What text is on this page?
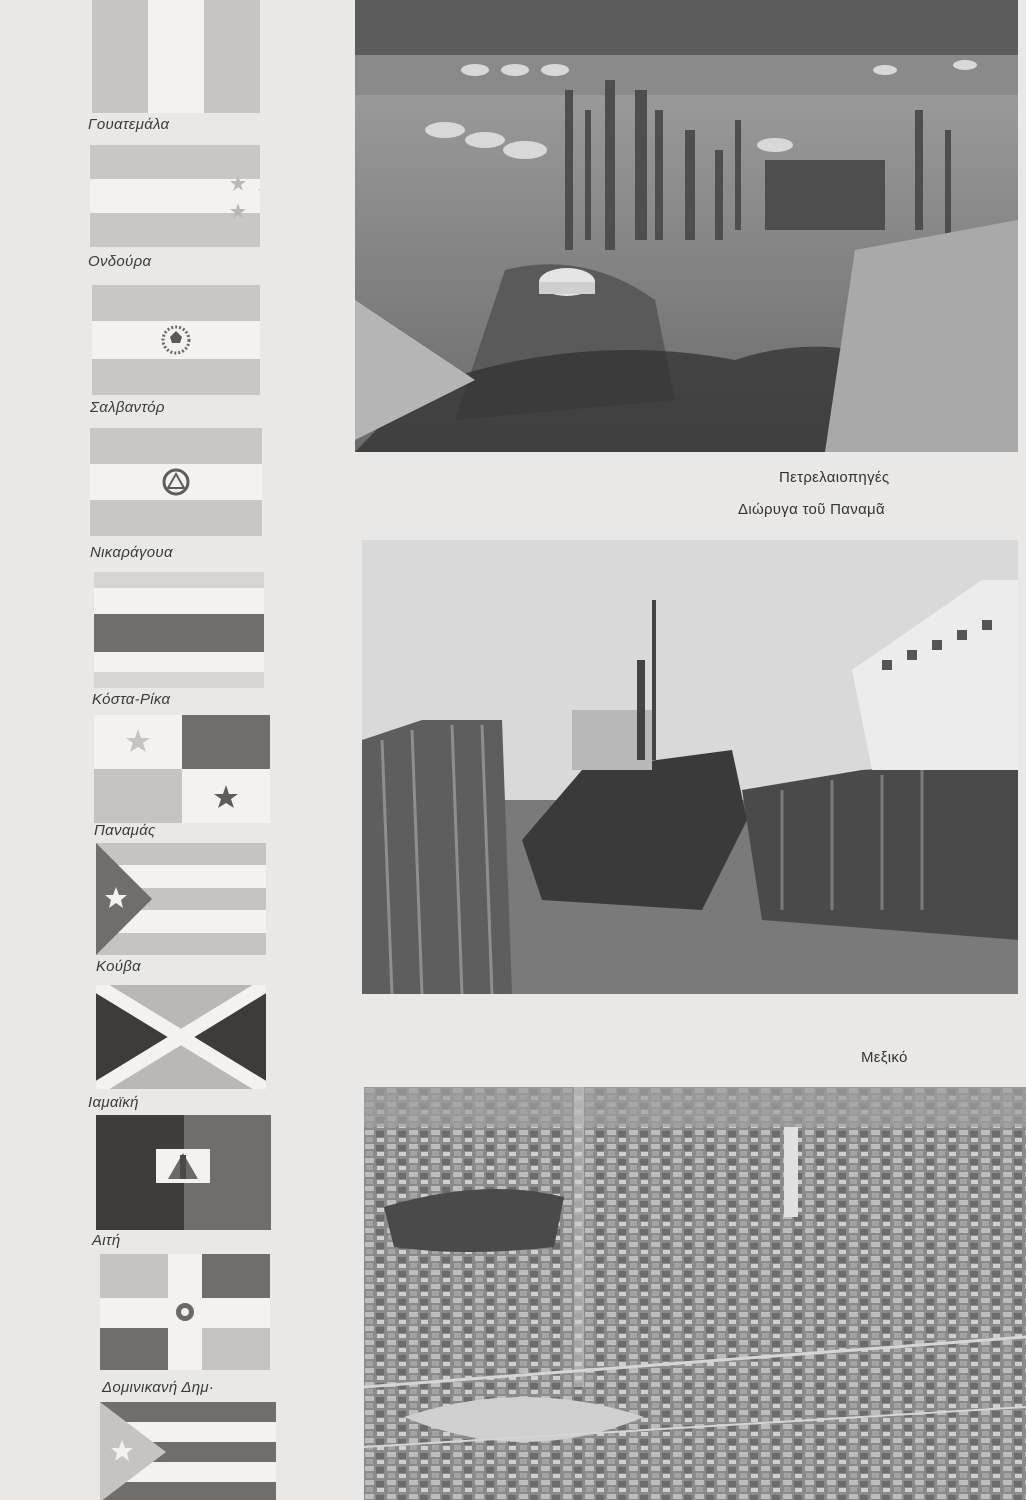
Γουατεμάλα
Ονδούρα
Σαλβαντόρ
Νικαράγουα
Κόστα-Ρίκα
Παναμάς
Κούβα
Ιαμαϊκή
Αιτή
Δομινικανή Δημ·
Πετρελαιοπηγές
Διώρυγα τοῦ Παναμᾶ
Μεξικό
